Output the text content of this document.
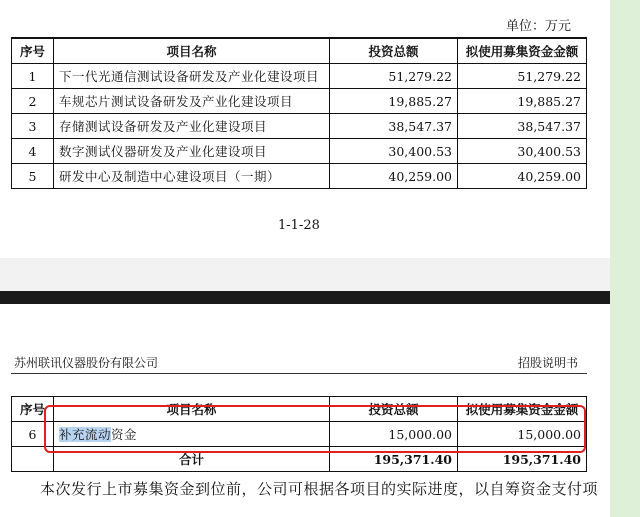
单位：万元
序号	项目名称	投资总额	拟使用募集资金金额
1	下一代光通信测试设备研发及产业化建设项目	51,279.22	51,279.22
2	车规芯片测试设备研发及产业化建设项目	19,885.27	19,885.27
3	存储测试设备研发及产业化建设项目	38,547.37	38,547.37
4	数字测试仪器研发及产业化建设项目	30,400.53	30,400.53
5	研发中心及制造中心建设项目（一期）	40,259.00	40,259.00
1-1-28
苏州联讯仪器股份有限公司	招股说明书
序号	项目名称	投资总额	拟使用募集资金金额
6	补充流动资金	15,000.00	15,000.00
	合计	195,371.40	195,371.40
本次发行上市募集资金到位前，公司可根据各项目的实际进度，以自筹资金支付项
